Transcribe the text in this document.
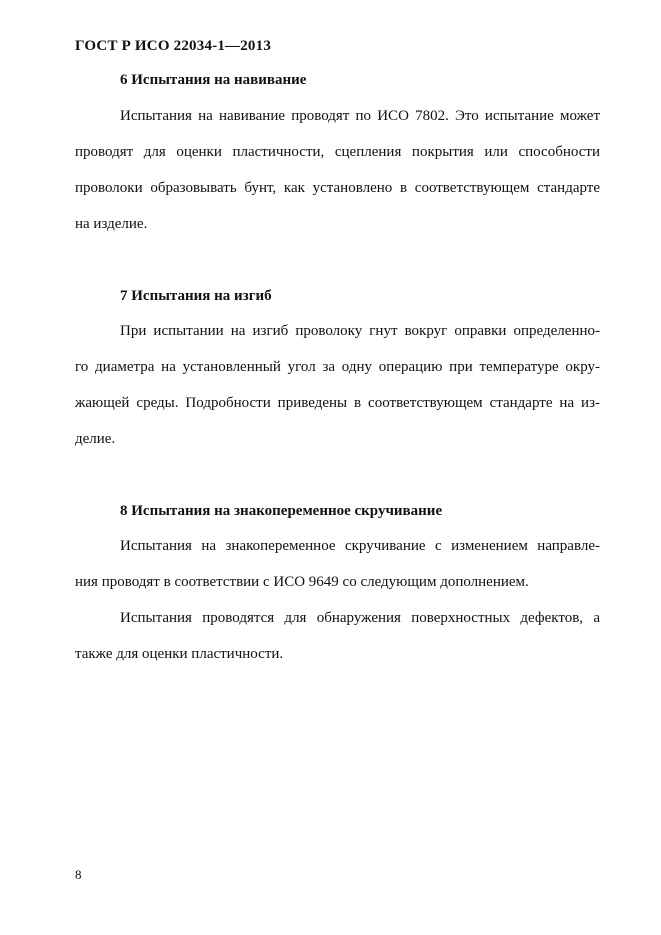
ГОСТ Р ИСО 22034-1—2013
6 Испытания на навивание
Испытания на навивание проводят по ИСО 7802. Это испытание может
проводят для оценки пластичности, сцепления покрытия или способности
проволоки образовывать бунт, как установлено в соответствующем стандарте
на изделие.
7 Испытания на изгиб
При испытании на изгиб проволоку гнут вокруг оправки определенно-
го диаметра на установленный угол за одну операцию при температуре окру-
жающей среды. Подробности приведены в соответствующем стандарте на из-
делие.
8 Испытания на знакопеременное скручивание
Испытания на знакопеременное скручивание с изменением направле-
ния проводят в соответствии с ИСО 9649 со следующим дополнением.
Испытания проводятся для обнаружения поверхностных дефектов, а
также для оценки пластичности.
8
